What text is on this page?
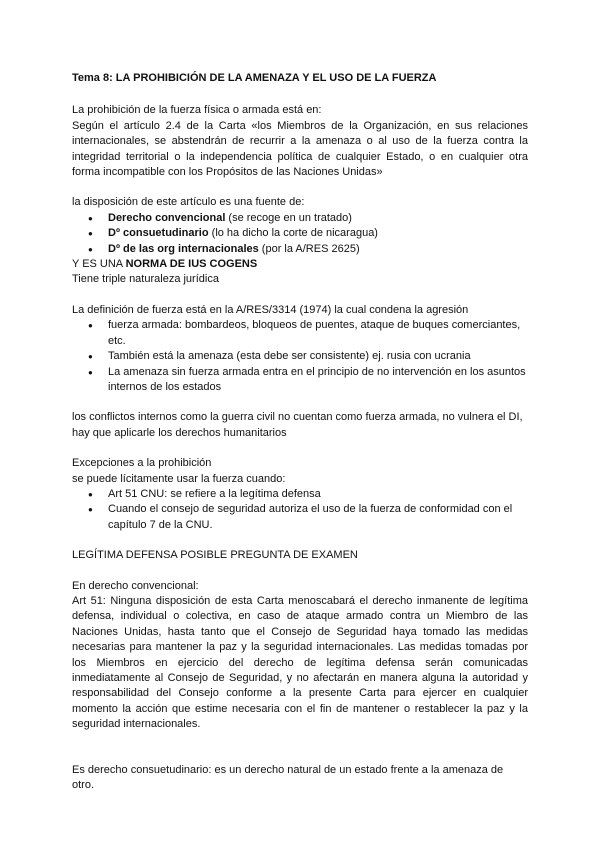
Tema 8: LA PROHIBICIÓN DE LA AMENAZA Y EL USO DE LA FUERZA

La prohibición de la fuerza física o armada está en:

Según el artículo 2.4 de la Carta «los Miembros de la Organización, en sus relaciones internacionales, se abstendrán de recurrir a la amenaza o al uso de la fuerza contra la integridad territorial o la independencia política de cualquier Estado, o en cualquier otra forma incompatible con los Propósitos de las Naciones Unidas»

la disposición de este artículo es una fuente de:

● Derecho convencional (se recoge en un tratado)
● Dº consuetudinario (lo ha dicho la corte de nicaragua)
● Dº de las org internacionales (por la A/RES 2625)

Y ES UNA NORMA DE IUS COGENS

Tiene triple naturaleza jurídica

La definición de fuerza está en la A/RES/3314 (1974) la cual condena la agresión

● fuerza armada: bombardeos, bloqueos de puentes, ataque de buques comerciantes, etc.
● También está la amenaza (esta debe ser consistente) ej. rusia con ucrania
● La amenaza sin fuerza armada entra en el principio de no intervención en los asuntos internos de los estados

los conflictos internos como la guerra civil no cuentan como fuerza armada, no vulnera el DI, hay que aplicarle los derechos humanitarios

Excepciones a la prohibición

se puede lícitamente usar la fuerza cuando:

● Art 51 CNU: se refiere a la legítima defensa
● Cuando el consejo de seguridad autoriza el uso de la fuerza de conformidad con el capítulo 7 de la CNU.

LEGÍTIMA DEFENSA POSIBLE PREGUNTA DE EXAMEN

En derecho convencional:

Art 51: Ninguna disposición de esta Carta menoscabará el derecho inmanente de legítima defensa, individual o colectiva, en caso de ataque armado contra un Miembro de las Naciones Unidas, hasta tanto que el Consejo de Seguridad haya tomado las medidas necesarias para mantener la paz y la seguridad internacionales. Las medidas tomadas por los Miembros en ejercicio del derecho de legítima defensa serán comunicadas inmediatamente al Consejo de Seguridad, y no afectarán en manera alguna la autoridad y responsabilidad del Consejo conforme a la presente Carta para ejercer en cualquier momento la acción que estime necesaria con el fin de mantener o restablecer la paz y la seguridad internacionales.

Es derecho consuetudinario: es un derecho natural de un estado frente a la amenaza de otro.
